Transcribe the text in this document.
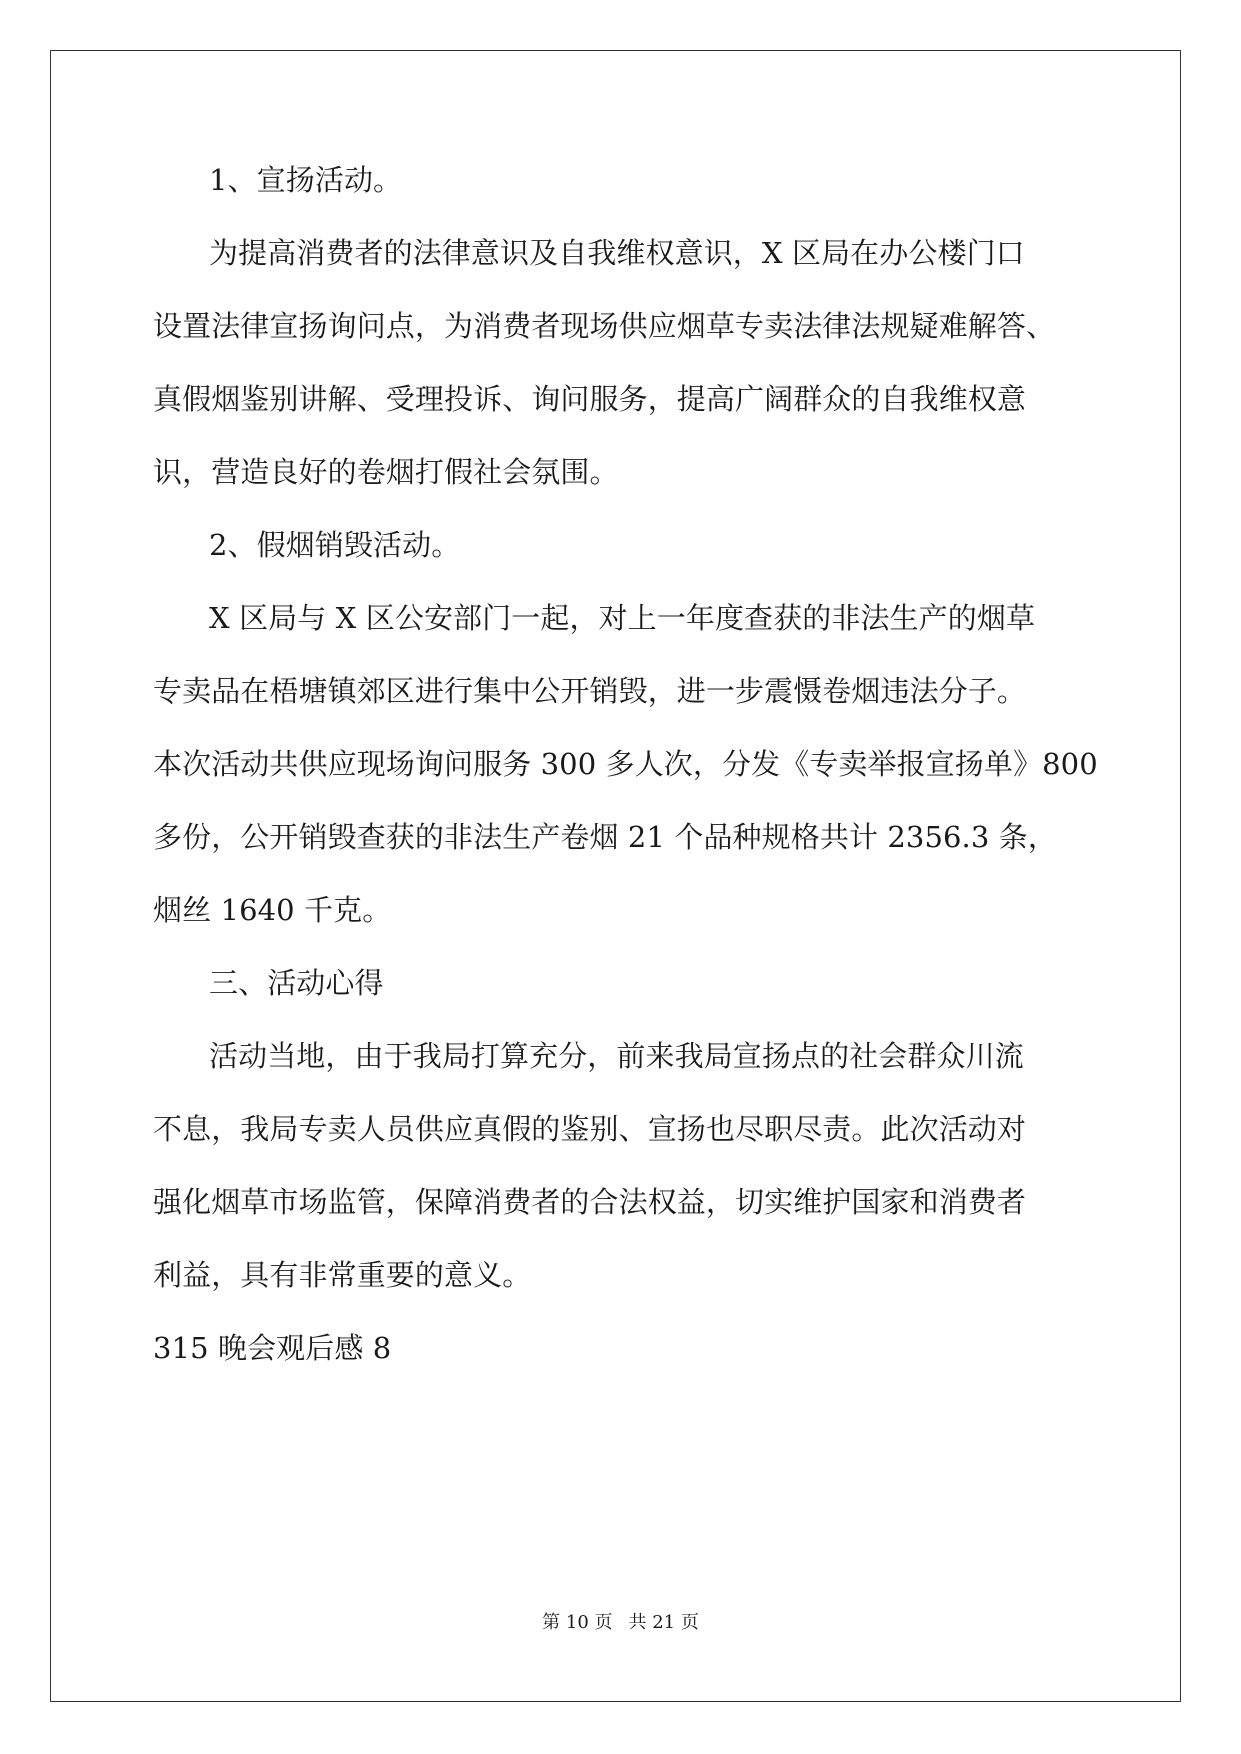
1、宣扬活动。
为提高消费者的法律意识及自我维权意识，X 区局在办公楼门口
设置法律宣扬询问点，为消费者现场供应烟草专卖法律法规疑难解答、
真假烟鉴别讲解、受理投诉、询问服务，提高广阔群众的自我维权意
识，营造良好的卷烟打假社会氛围。
2、假烟销毁活动。
X 区局与 X 区公安部门一起，对上一年度查获的非法生产的烟草
专卖品在梧塘镇郊区进行集中公开销毁，进一步震慑卷烟违法分子。
本次活动共供应现场询问服务 300 多人次，分发《专卖举报宣扬单》800
多份，公开销毁查获的非法生产卷烟 21 个品种规格共计 2356.3 条，
烟丝 1640 千克。
三、活动心得
活动当地，由于我局打算充分，前来我局宣扬点的社会群众川流
不息，我局专卖人员供应真假的鉴别、宣扬也尽职尽责。此次活动对
强化烟草市场监管，保障消费者的合法权益，切实维护国家和消费者
利益，具有非常重要的意义。
315 晚会观后感 8
第 10 页 共 21 页
